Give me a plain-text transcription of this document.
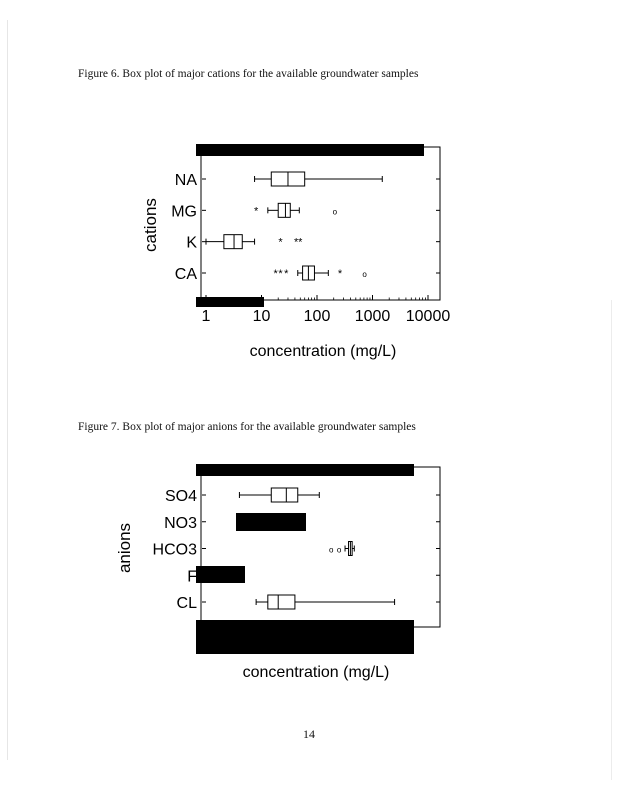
Figure 6. Box plot of major cations for the available groundwater samples
Figure 7. Box plot of major anions for the available groundwater samples
cations
concentration (mg/L)
NA
MG	*	o
K	* * *
CA	* * *	*	o
1	10 100 1000 10000
anions
concentration (mg/L)
SO4
NO3
HCO3	o o
F
CL
14
